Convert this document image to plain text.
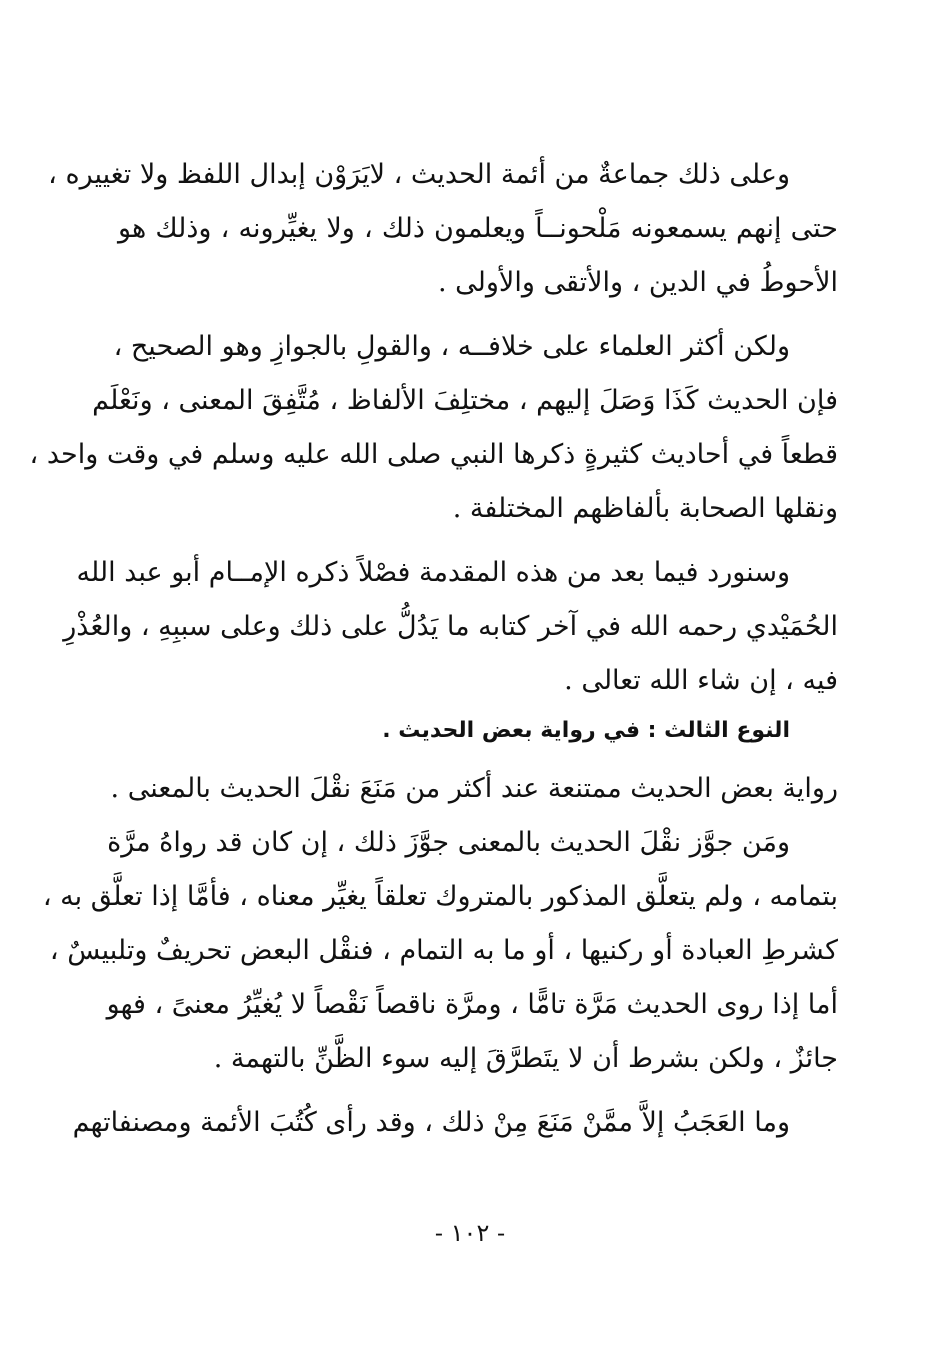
وعلى ذلك جماعةٌ من أئمة الحديث ، لايَرَوْن إبدال اللفظ ولا تغييره ،
حتى إنهم يسمعونه مَلْحونــاً ويعلمون ذلك ، ولا يغيِّرونه ، وذلك هو
الأحوطُ في الدين ، والأتقى والأولى .
ولكن أكثر العلماء على خلافــه ، والقولِ بالجوازِ وهو الصحيح ،
فإن الحديث كَذَا وَصَلَ إليهم ، مختلِفَ الألفاظ ، مُتَّفِقَ المعنى ، ونَعْلَم
قطعاً في أحاديث كثيرةٍ ذكرها النبي صلى الله عليه وسلم في وقت واحد ،
ونقلها الصحابة بألفاظهم المختلفة .
وسنورد فيما بعد من هذه المقدمة فصْلاً ذكره الإمــام أبو عبد الله
الحُمَيْدي رحمه الله في آخر كتابه ما يَدُلُّ على ذلك وعلى سببِهِ ، والعُذْرِ
فيه ، إن شاء الله تعالى .
النوع الثالث : في رواية بعض الحديث .
رواية بعض الحديث ممتنعة عند أكثر من مَنَعَ نقْلَ الحديث بالمعنى .
ومَن جوَّز نقْلَ الحديث بالمعنى جوَّزَ ذلك ، إن كان قد رواهُ مرَّة
بتمامه ، ولم يتعلَّق المذكور بالمتروك تعلقاً يغيِّر معناه ، فأمَّا إذا تعلَّق به ،
كشرطِ العبادة أو ركنيها ، أو ما به التمام ، فنقْل البعض تحريفٌ وتلبيسٌ ،
أما إذا روى الحديث مَرَّة تامًّا ، ومرَّة ناقصاً نَقْصاً لا يُغيِّرُ معنىً ، فهو
جائزٌ ، ولكن بشرط أن لا يتَطرَّقَ إليه سوء الظَّنِّ بالتهمة .
وما العَجَبُ إلاَّ ممَّنْ مَنَعَ مِنْ ذلك ، وقد رأى كُتُبَ الأئمة ومصنفاتهم
- ١٠٢ -
